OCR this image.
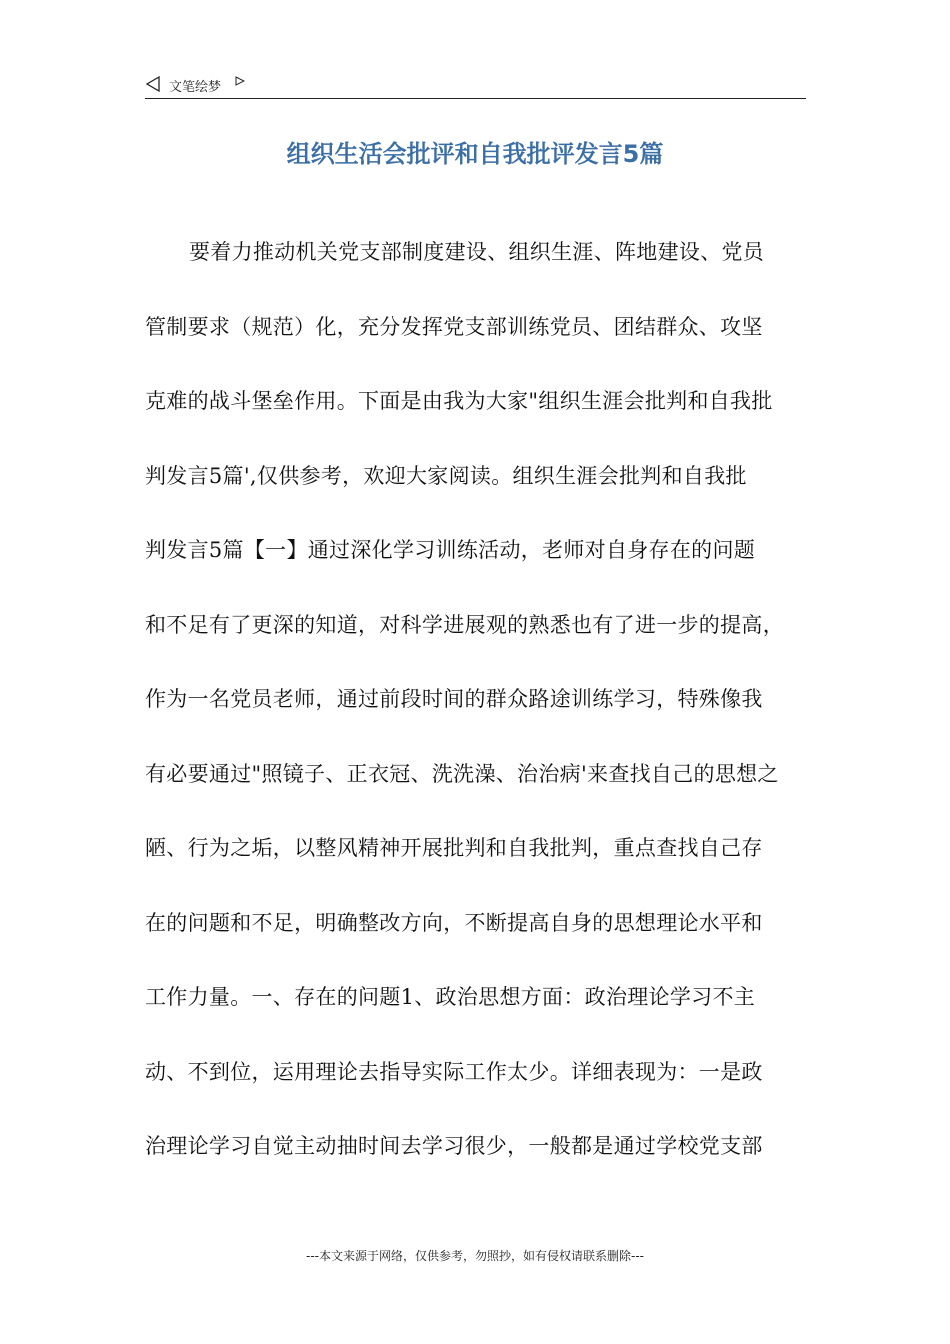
文笔绘梦
组织生活会批评和自我批评发言5篇
要着力推动机关党支部制度建设、组织生涯、阵地建设、党员
管制要求（规范）化，充分发挥党支部训练党员、团结群众、攻坚
克难的战斗堡垒作用。下面是由我为大家"组织生涯会批判和自我批
判发言5篇',仅供参考，欢迎大家阅读。组织生涯会批判和自我批
判发言5篇【一】通过深化学习训练活动，老师对自身存在的问题
和不足有了更深的知道，对科学进展观的熟悉也有了进一步的提高，
作为一名党员老师，通过前段时间的群众路途训练学习，特殊像我
有必要通过"照镜子、正衣冠、洗洗澡、治治病'来查找自己的思想之
陋、行为之垢，以整风精神开展批判和自我批判，重点查找自己存
在的问题和不足，明确整改方向，不断提高自身的思想理论水平和
工作力量。一、存在的问题1、政治思想方面：政治理论学习不主
动、不到位，运用理论去指导实际工作太少。详细表现为：一是政
治理论学习自觉主动抽时间去学习很少，一般都是通过学校党支部
---本文来源于网络，仅供参考，勿照抄，如有侵权请联系删除---
